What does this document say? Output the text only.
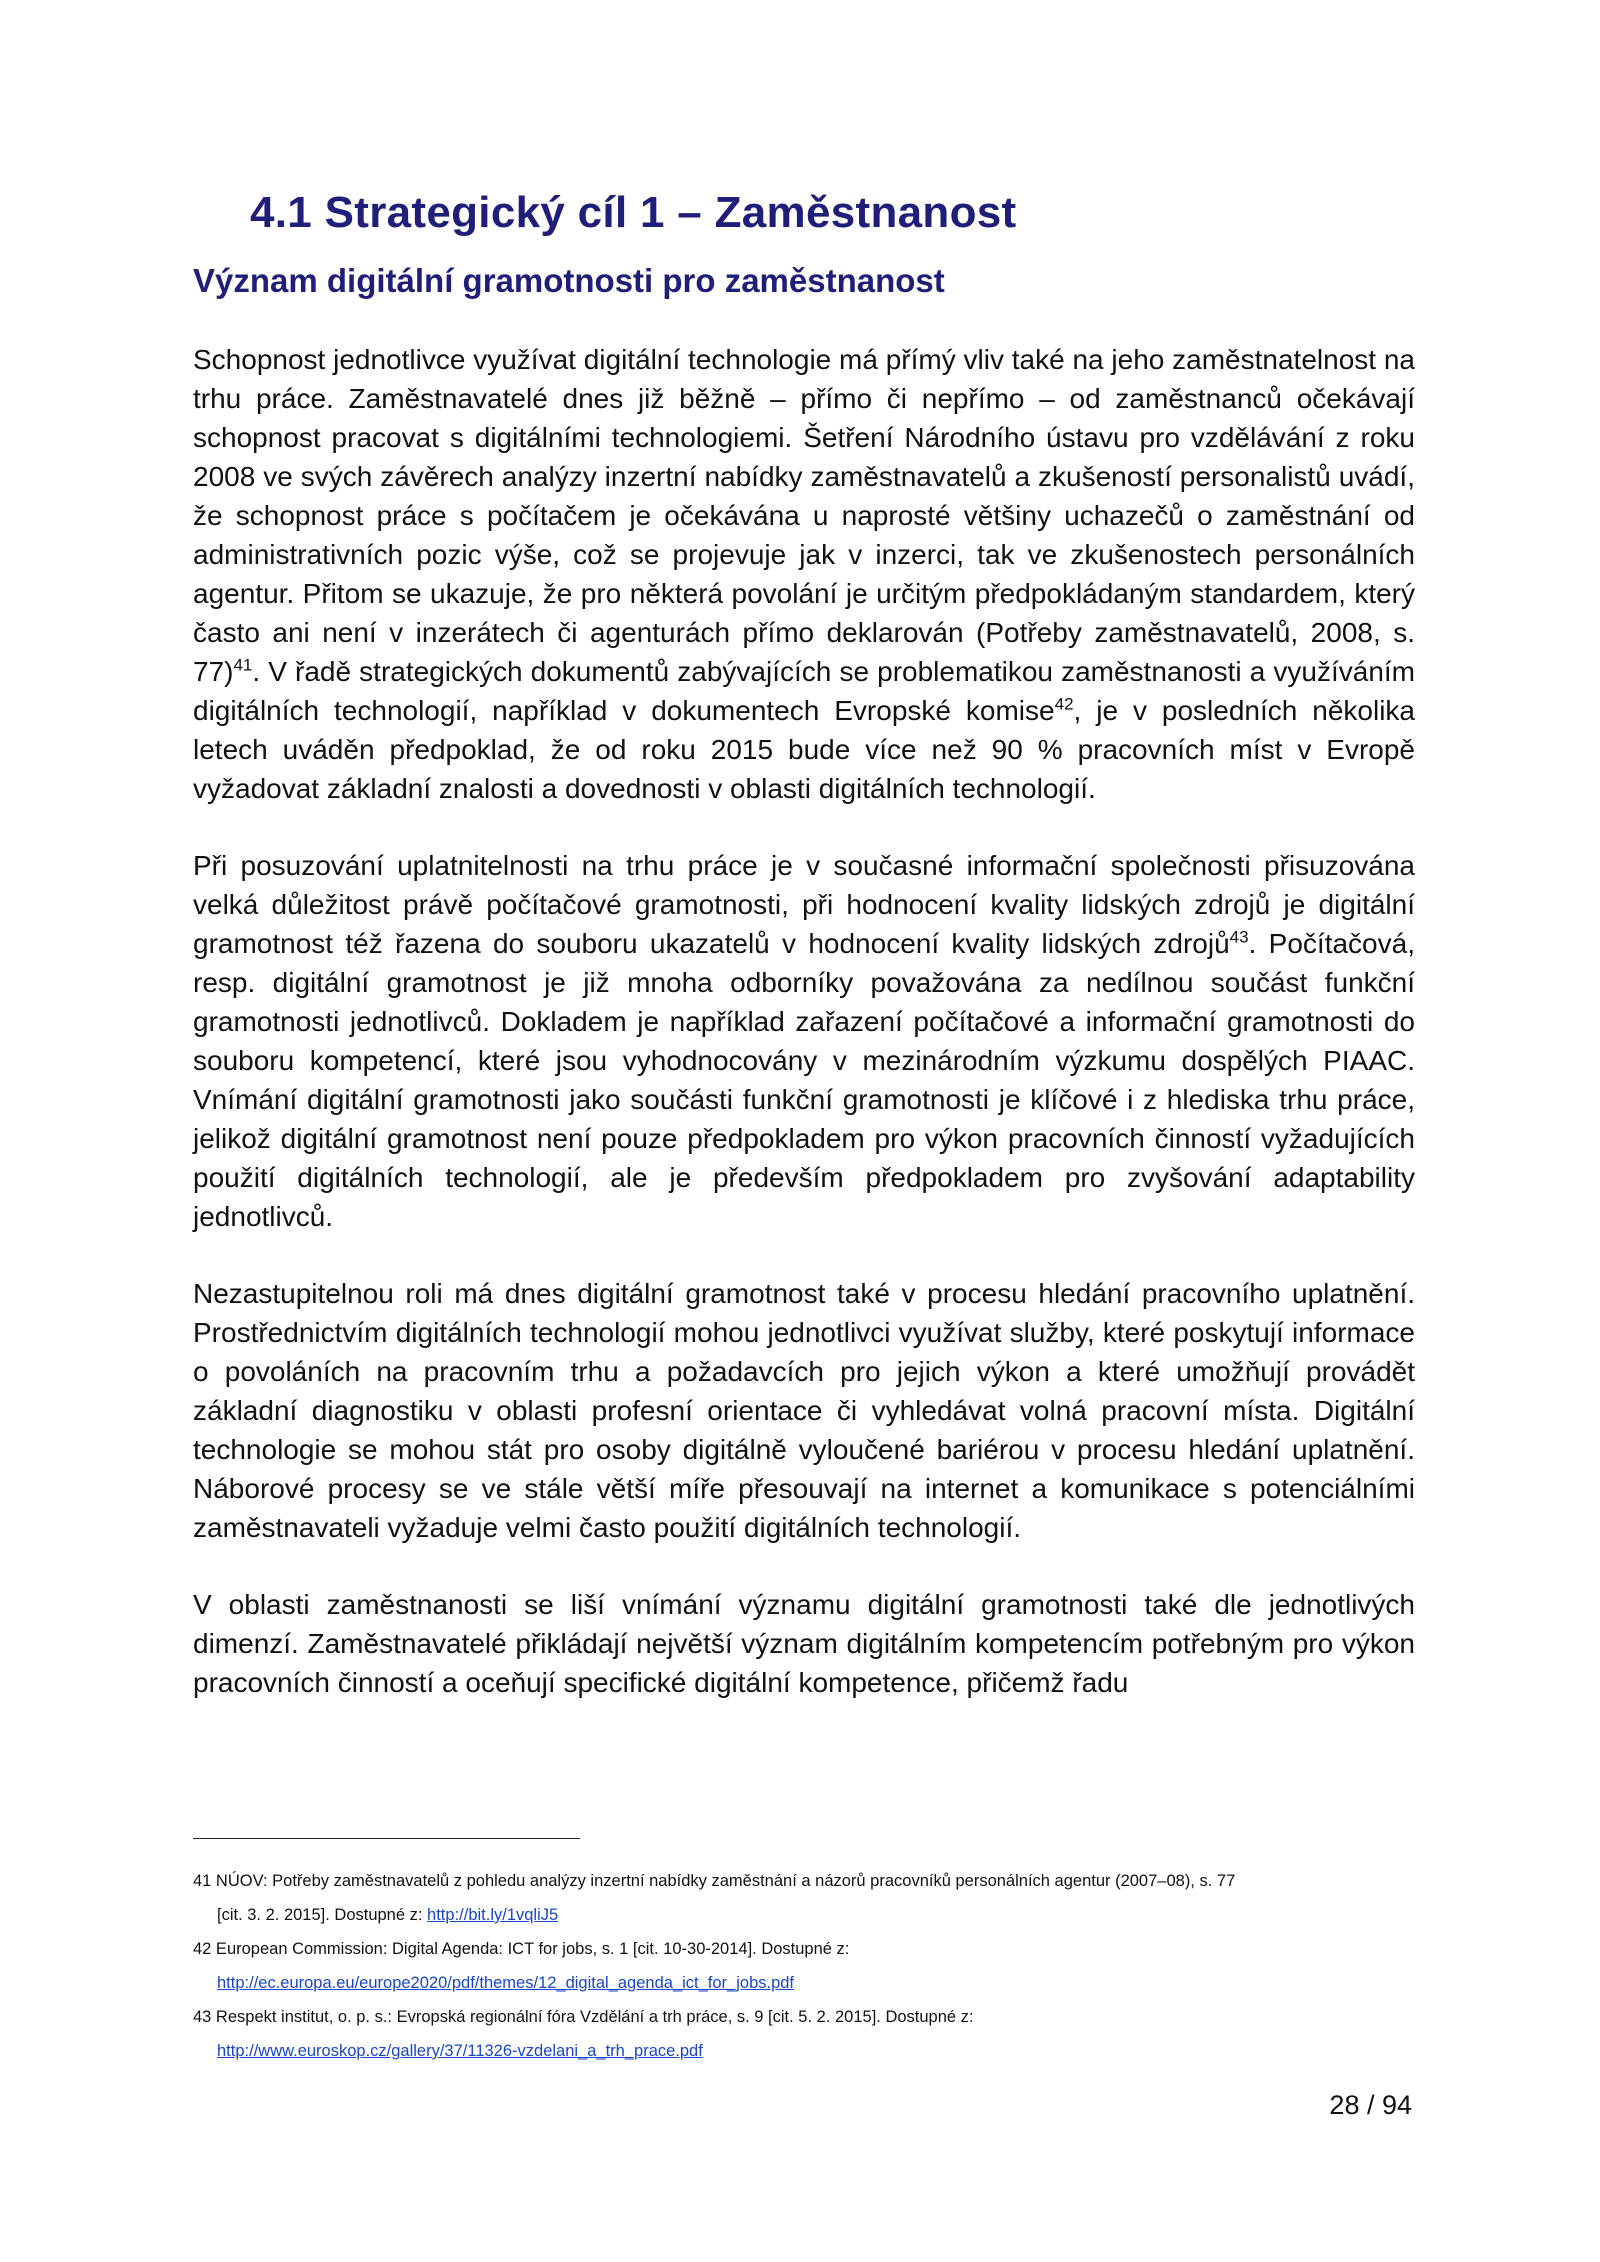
4.1 Strategický cíl 1 – Zaměstnanost
Význam digitální gramotnosti pro zaměstnanost

Schopnost jednotlivce využívat digitální technologie má přímý vliv také na jeho zaměstnatelnost na trhu práce. Zaměstnavatelé dnes již běžně – přímo či nepřímo – od zaměstnanců očekávají schopnost pracovat s digitálními technologiemi. Šetření Národního ústavu pro vzdělávání z roku 2008 ve svých závěrech analýzy inzertní nabídky zaměstnavatelů a zkušeností personalistů uvádí, že schopnost práce s počítačem je očekávána u naprosté většiny uchazečů o zaměstnání od administrativních pozic výše, což se projevuje jak v inzerci, tak ve zkušenostech personálních agentur. Přitom se ukazuje, že pro některá povolání je určitým předpokládaným standardem, který často ani není v inzerátech či agenturách přímo deklarován (Potřeby zaměstnavatelů, 2008, s. 77)$^{41}$. V řadě strategických dokumentů zabývajících se problematikou zaměstnanosti a využíváním digitálních technologií, například v dokumentech Evropské komise$^{42}$, je v posledních několika letech uváděn předpoklad, že od roku 2015 bude více než 90 % pracovních míst v Evropě vyžadovat základní znalosti a dovednosti v oblasti digitálních technologií.

Při posuzování uplatnitelnosti na trhu práce je v současné informační společnosti přisuzována velká důležitost právě počítačové gramotnosti, při hodnocení kvality lidských zdrojů je digitální gramotnost též řazena do souboru ukazatelů v hodnocení kvality lidských zdrojů$^{43}$. Počítačová, resp. digitální gramotnost je již mnoha odborníky považována za nedílnou součást funkční gramotnosti jednotlivců. Dokladem je například zařazení počítačové a informační gramotnosti do souboru kompetencí, které jsou vyhodnocovány v mezinárodním výzkumu dospělých PIAAC. Vnímání digitální gramotnosti jako součásti funkční gramotnosti je klíčové i z hlediska trhu práce, jelikož digitální gramotnost není pouze předpokladem pro výkon pracovních činností vyžadujících použití digitálních technologií, ale je především předpokladem pro zvyšování adaptability jednotlivců.

Nezastupitelnou roli má dnes digitální gramotnost také v procesu hledání pracovního uplatnění. Prostřednictvím digitálních technologií mohou jednotlivci využívat služby, které poskytují informace o povoláních na pracovním trhu a požadavcích pro jejich výkon a které umožňují provádět základní diagnostiku v oblasti profesní orientace či vyhledávat volná pracovní místa. Digitální technologie se mohou stát pro osoby digitálně vyloučené bariérou v procesu hledání uplatnění. Náborové procesy se ve stále větší míře přesouvají na internet a komunikace s potenciálními zaměstnavateli vyžaduje velmi často použití digitálních technologií.

V oblasti zaměstnanosti se liší vnímání významu digitální gramotnosti také dle jednotlivých dimenzí. Zaměstnavatelé přikládají největší význam digitálním kompetencím potřebným pro výkon pracovních činností a oceňují specifické digitální kompetence, přičemž řadu

41 NÚOV: Potřeby zaměstnavatelů z pohledu analýzy inzertní nabídky zaměstnání a názorů pracovníků personálních agentur (2007–08), s. 77
[cit. 3. 2. 2015]. Dostupné z: http://bit.ly/1vqliJ5
42 European Commission: Digital Agenda: ICT for jobs, s. 1 [cit. 10-30-2014]. Dostupné z:
http://ec.europa.eu/europe2020/pdf/themes/12_digital_agenda_ict_for_jobs.pdf
43 Respekt institut, o. p. s.: Evropská regionální fóra Vzdělání a trh práce, s. 9 [cit. 5. 2. 2015]. Dostupné z:
http://www.euroskop.cz/gallery/37/11326-vzdelani_a_trh_prace.pdf
28 / 94
